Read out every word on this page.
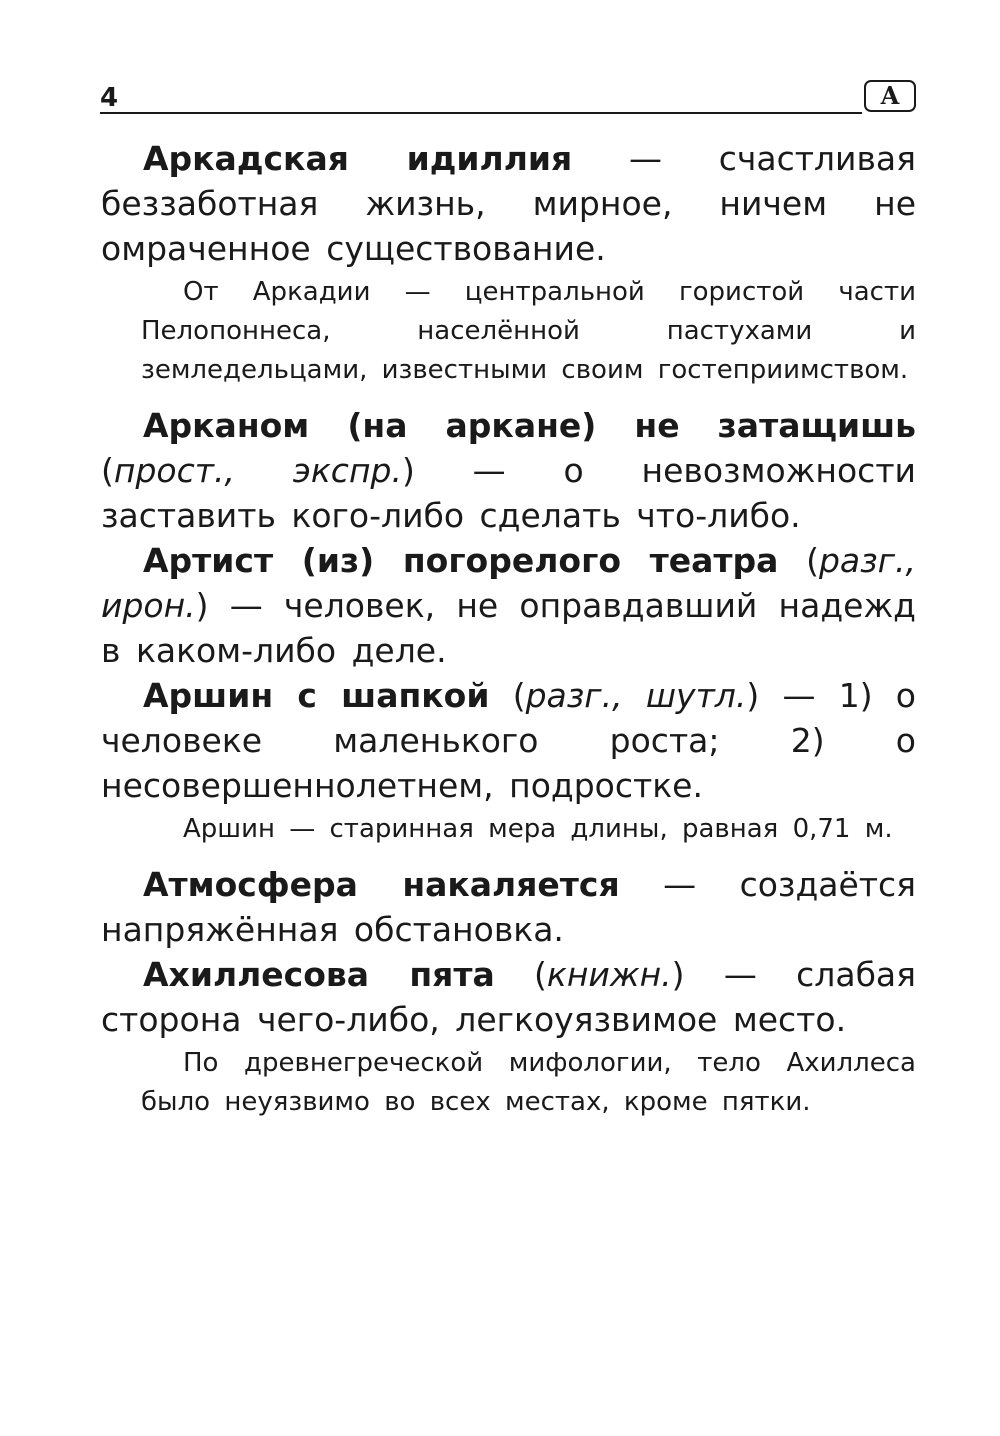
4	А

Аркадская идиллия — счастливая беззаботная жизнь, мирное, ничем не омраченное существование.

От Аркадии — центральной гористой части Пелопоннеса, населённой пастухами и земледельцами, известными своим гостеприимством.

Арканом (на аркане) не затащишь (прост., экспр.) — о невозможности заставить кого-либо сделать что-либо.

Артист (из) погорелого театра (разг., ирон.) — человек, не оправдавший надежд в каком-либо деле.

Аршин с шапкой (разг., шутл.) — 1) о человеке маленького роста; 2) о несовершеннолетнем, подростке.

Аршин — старинная мера длины, равная 0,71 м.

Атмосфера накаляется — создаётся напряжённая обстановка.

Ахиллесова пята (книжн.) — слабая сторона чего-либо, легкоуязвимое место.

По древнегреческой мифологии, тело Ахиллеса было неуязвимо во всех местах, кроме пятки.
